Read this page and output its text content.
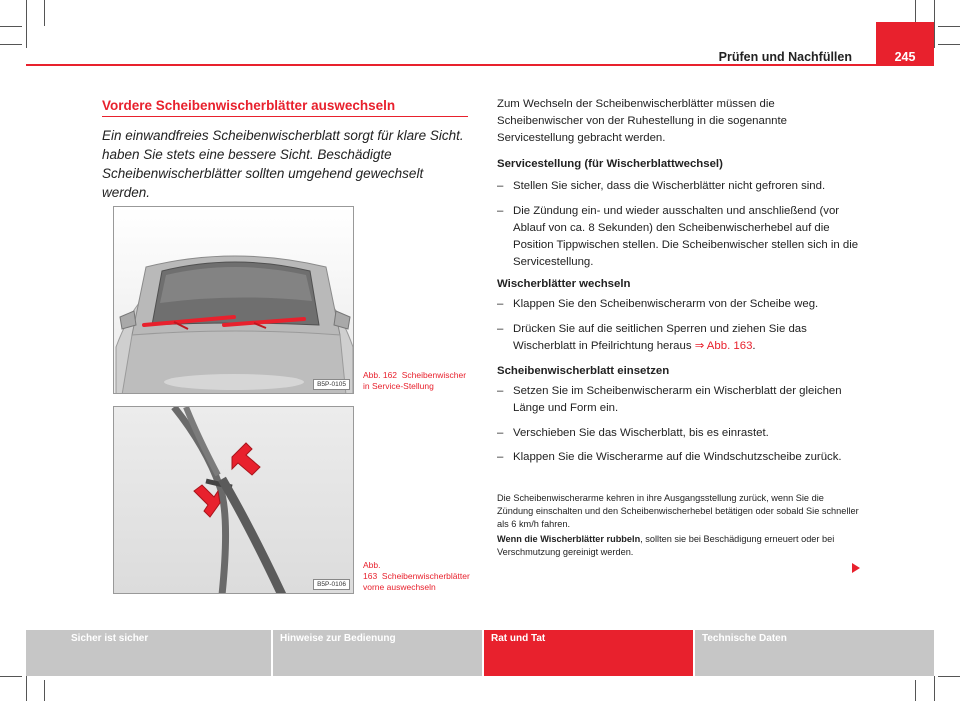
Prüfen und Nachfüllen	245
Vordere Scheibenwischerblätter auswechseln
Ein einwandfreies Scheibenwischerblatt sorgt für klare Sicht. haben Sie stets eine bessere Sicht. Beschädigte Scheibenwischerblätter sollten umgehend gewechselt werden.
B5P-0105
Abb. 162 Scheibenwischer in Service-Stellung
B5P-0106
Abb. 163 Scheibenwischerblätter vorne auswechseln
Zum Wechseln der Scheibenwischerblätter müssen die Scheibenwischer von der Ruhestellung in die sogenannte Servicestellung gebracht werden.
Servicestellung (für Wischerblattwechsel)
– Stellen Sie sicher, dass die Wischerblätter nicht gefroren sind.
– Die Zündung ein- und wieder ausschalten und anschließend (vor Ablauf von ca. 8 Sekunden) den Scheibenwischerhebel auf die Position Tippwischen stellen. Die Scheibenwischer stellen sich in die Servicestellung.
Wischerblätter wechseln
– Klappen Sie den Scheibenwischerarm von der Scheibe weg.
– Drücken Sie auf die seitlichen Sperren und ziehen Sie das Wischerblatt in Pfeilrichtung heraus ⇒ Abb. 163.
Scheibenwischerblatt einsetzen
– Setzen Sie im Scheibenwischerarm ein Wischerblatt der gleichen Länge und Form ein.
– Verschieben Sie das Wischerblatt, bis es einrastet.
– Klappen Sie die Wischerarme auf die Windschutzscheibe zurück.
Die Scheibenwischerarme kehren in ihre Ausgangsstellung zurück, wenn Sie die Zündung einschalten und den Scheibenwischerhebel betätigen oder sobald Sie schneller als 6 km/h fahren.
Wenn die Wischerblätter rubbeln, sollten sie bei Beschädigung erneuert oder bei Verschmutzung gereinigt werden.
Sicher ist sicher	Hinweise zur Bedienung	Rat und Tat	Technische Daten
